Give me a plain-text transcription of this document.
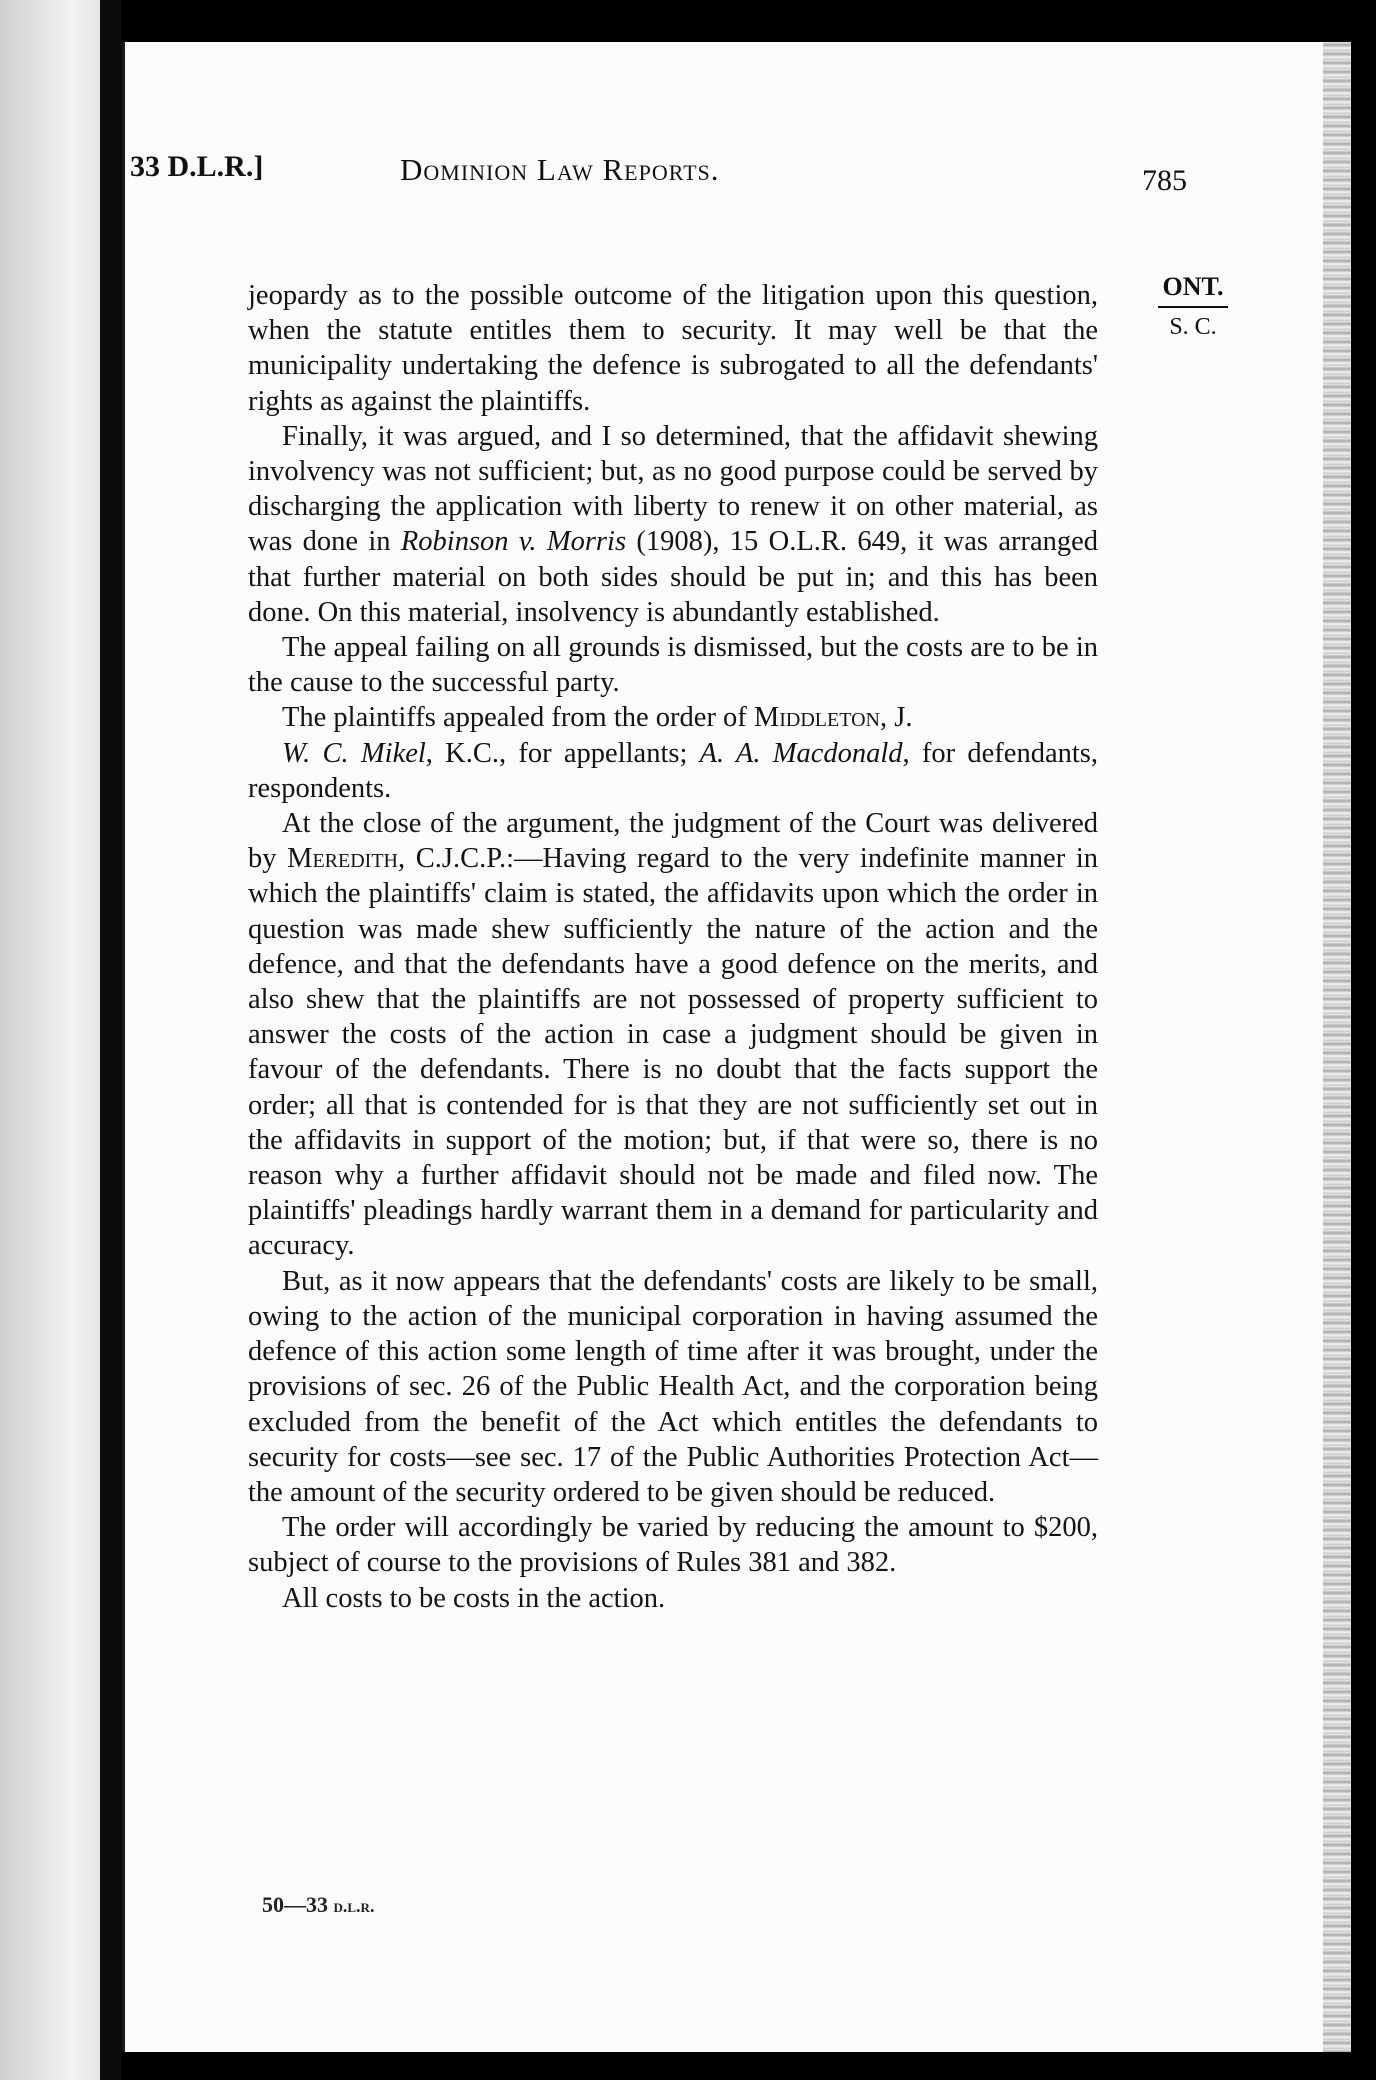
33 D.L.R.]	Dominion Law Reports.	785
ONT.
S. C.

jeopardy as to the possible outcome of the litigation upon this question, when the statute entitles them to security. It may well be that the municipality undertaking the defence is subrogated to all the defendants' rights as against the plaintiffs.

Finally, it was argued, and I so determined, that the affidavit shewing involvency was not sufficient; but, as no good purpose could be served by discharging the application with liberty to renew it on other material, as was done in Robinson v. Morris (1908), 15 O.L.R. 649, it was arranged that further material on both sides should be put in; and this has been done. On this material, insolvency is abundantly established.

The appeal failing on all grounds is dismissed, but the costs are to be in the cause to the successful party.

The plaintiffs appealed from the order of Middleton, J.

W. C. Mikel, K.C., for appellants; A. A. Macdonald, for defendants, respondents.

At the close of the argument, the judgment of the Court was delivered by Meredith, C.J.C.P.:—Having regard to the very indefinite manner in which the plaintiffs' claim is stated, the affidavits upon which the order in question was made shew sufficiently the nature of the action and the defence, and that the defendants have a good defence on the merits, and also shew that the plaintiffs are not possessed of property sufficient to answer the costs of the action in case a judgment should be given in favour of the defendants. There is no doubt that the facts support the order; all that is contended for is that they are not sufficiently set out in the affidavits in support of the motion; but, if that were so, there is no reason why a further affidavit should not be made and filed now. The plaintiffs' pleadings hardly warrant them in a demand for particularity and accuracy.

But, as it now appears that the defendants' costs are likely to be small, owing to the action of the municipal corporation in having assumed the defence of this action some length of time after it was brought, under the provisions of sec. 26 of the Public Health Act, and the corporation being excluded from the benefit of the Act which entitles the defendants to security for costs—see sec. 17 of the Public Authorities Protection Act—the amount of the security ordered to be given should be reduced.

The order will accordingly be varied by reducing the amount to $200, subject of course to the provisions of Rules 381 and 382.

All costs to be costs in the action.

50—33 d.l.r.
